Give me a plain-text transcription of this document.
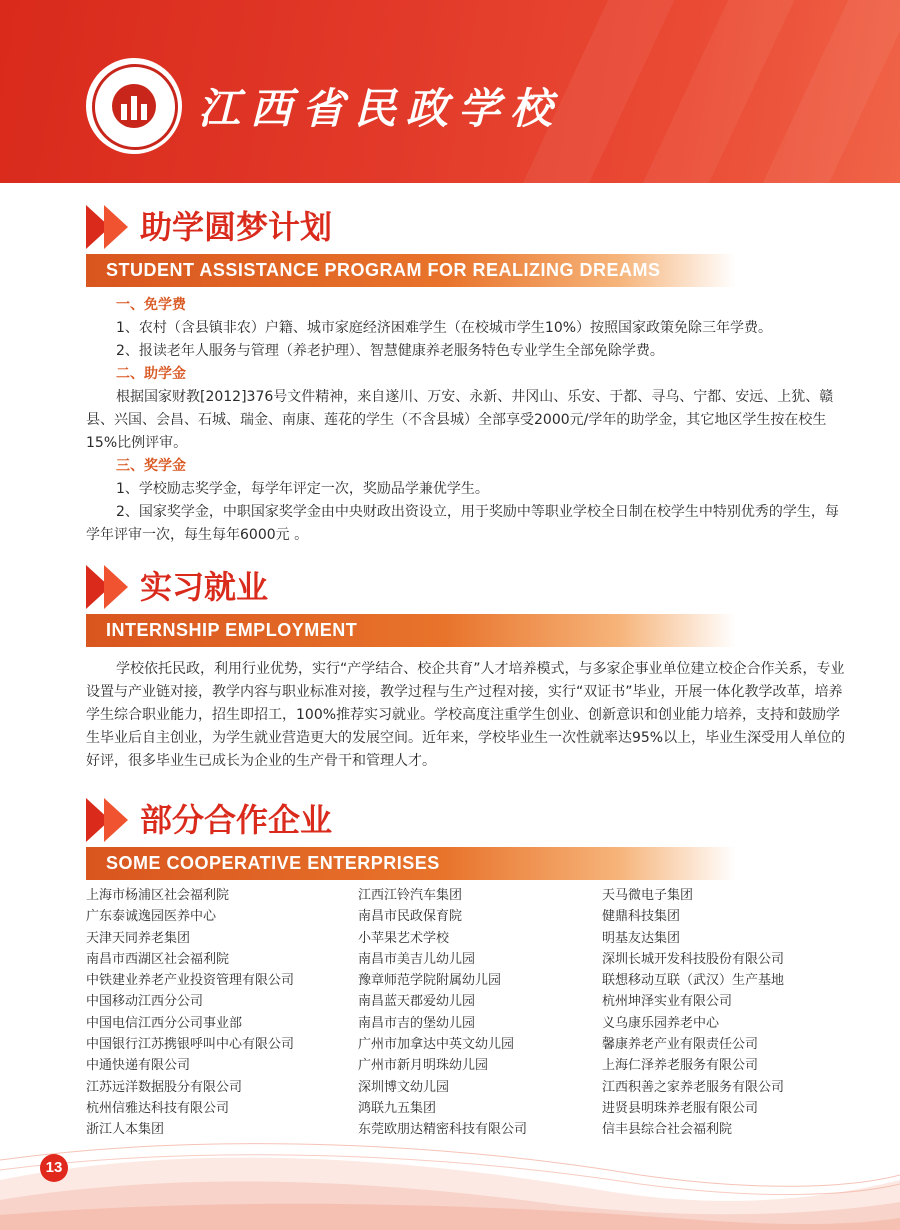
江西省民政学校
助学圆梦计划
STUDENT ASSISTANCE PROGRAM FOR REALIZING DREAMS

一、免学费

1、农村（含县镇非农）户籍、城市家庭经济困难学生（在校城市学生10%）按照国家政策免除三年学费。

2、报读老年人服务与管理（养老护理）、智慧健康养老服务特色专业学生全部免除学费。

二、助学金

根据国家财教[2012]376号文件精神，来自遂川、万安、永新、井冈山、乐安、于都、寻乌、宁都、安远、上犹、赣县、兴国、会昌、石城、瑞金、南康、莲花的学生（不含县城）全部享受2000元/学年的助学金，其它地区学生按在校生15%比例评审。

三、奖学金

1、学校励志奖学金，每学年评定一次，奖励品学兼优学生。

2、国家奖学金，中职国家奖学金由中央财政出资设立，用于奖励中等职业学校全日制在校学生中特别优秀的学生，每学年评审一次，每生每年6000元 。

实习就业
INTERNSHIP EMPLOYMENT

学校依托民政，利用行业优势，实行“产学结合、校企共育”人才培养模式，与多家企事业单位建立校企合作关系，专业设置与产业链对接，教学内容与职业标准对接，教学过程与生产过程对接，实行“双证书”毕业，开展一体化教学改革，培养学生综合职业能力，招生即招工，100%推荐实习就业。学校高度注重学生创业、创新意识和创业能力培养，支持和鼓励学生毕业后自主创业，为学生就业营造更大的发展空间。近年来，学校毕业生一次性就率达95%以上，毕业生深受用人单位的好评，很多毕业生已成长为企业的生产骨干和管理人才。

部分合作企业
SOME COOPERATIVE ENTERPRISES
上海市杨浦区社会福利院
广东泰诚逸园医养中心
天津天同养老集团
南昌市西湖区社会福利院
中铁建业养老产业投资管理有限公司
中国移动江西分公司
中国电信江西分公司事业部
中国银行江苏携银呼叫中心有限公司
中通快递有限公司
江苏远洋数据股分有限公司
杭州信雅达科技有限公司
浙江人本集团
江西江铃汽车集团
南昌市民政保育院
小苹果艺术学校
南昌市美吉儿幼儿园
豫章师范学院附属幼儿园
南昌蓝天郡爱幼儿园
南昌市吉的堡幼儿园
广州市加拿达中英文幼儿园
广州市新月明珠幼儿园
深圳博文幼儿园
鸿联九五集团
东莞欧朋达精密科技有限公司
天马微电子集团
健鼎科技集团
明基友达集团
深圳长城开发科技股份有限公司
联想移动互联（武汉）生产基地
杭州坤泽实业有限公司
义乌康乐园养老中心
馨康养老产业有限责任公司
上海仁泽养老服务有限公司
江西积善之家养老服务有限公司
进贤县明珠养老服有限公司
信丰县综合社会福利院
13
